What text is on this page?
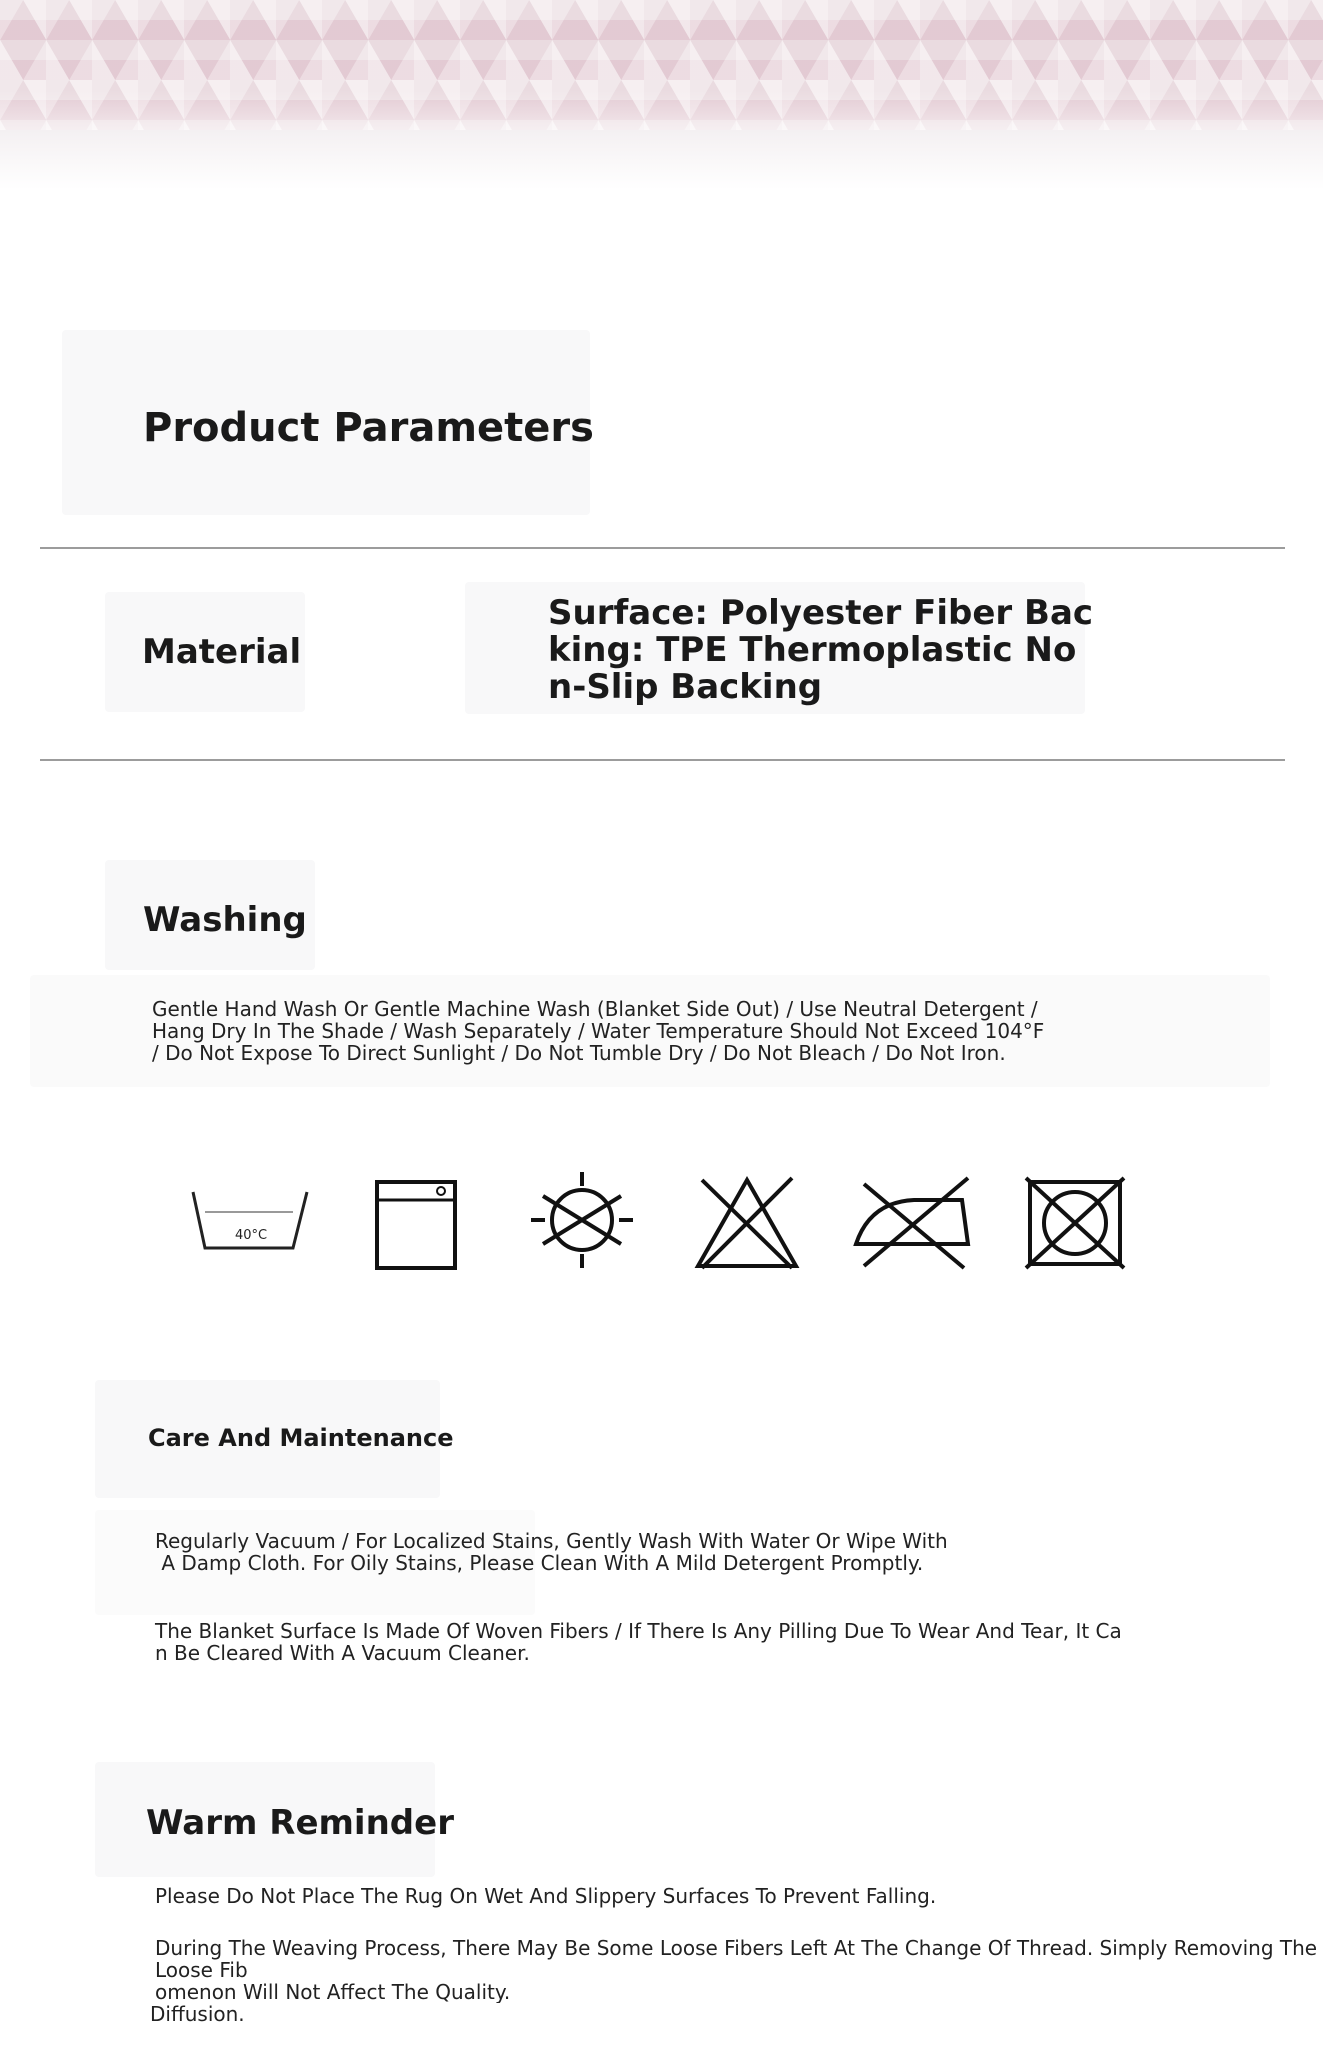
Product Parameters
Material
Surface: Polyester Fiber Bac
king: TPE Thermoplastic No
n-Slip Backing
Washing

Gentle Hand Wash Or Gentle Machine Wash (Blanket Side Out) / Use Neutral Detergent /
Hang Dry In The Shade / Wash Separately / Water Temperature Should Not Exceed 104°F
/ Do Not Expose To Direct Sunlight / Do Not Tumble Dry / Do Not Bleach / Do Not Iron.

40°C
Care And Maintenance

Regularly Vacuum / For Localized Stains, Gently Wash With Water Or Wipe With
A Damp Cloth. For Oily Stains, Please Clean With A Mild Detergent Promptly.

The Blanket Surface Is Made Of Woven Fibers / If There Is Any Pilling Due To Wear And Tear, It Ca
n Be Cleared With A Vacuum Cleaner.

Warm Reminder

Please Do Not Place The Rug On Wet And Slippery Surfaces To Prevent Falling.

During The Weaving Process, There May Be Some Loose Fibers Left At The Change Of Thread. Simply Removing The Loose Fib
omenon Will Not Affect The Quality.

Diffusion.
